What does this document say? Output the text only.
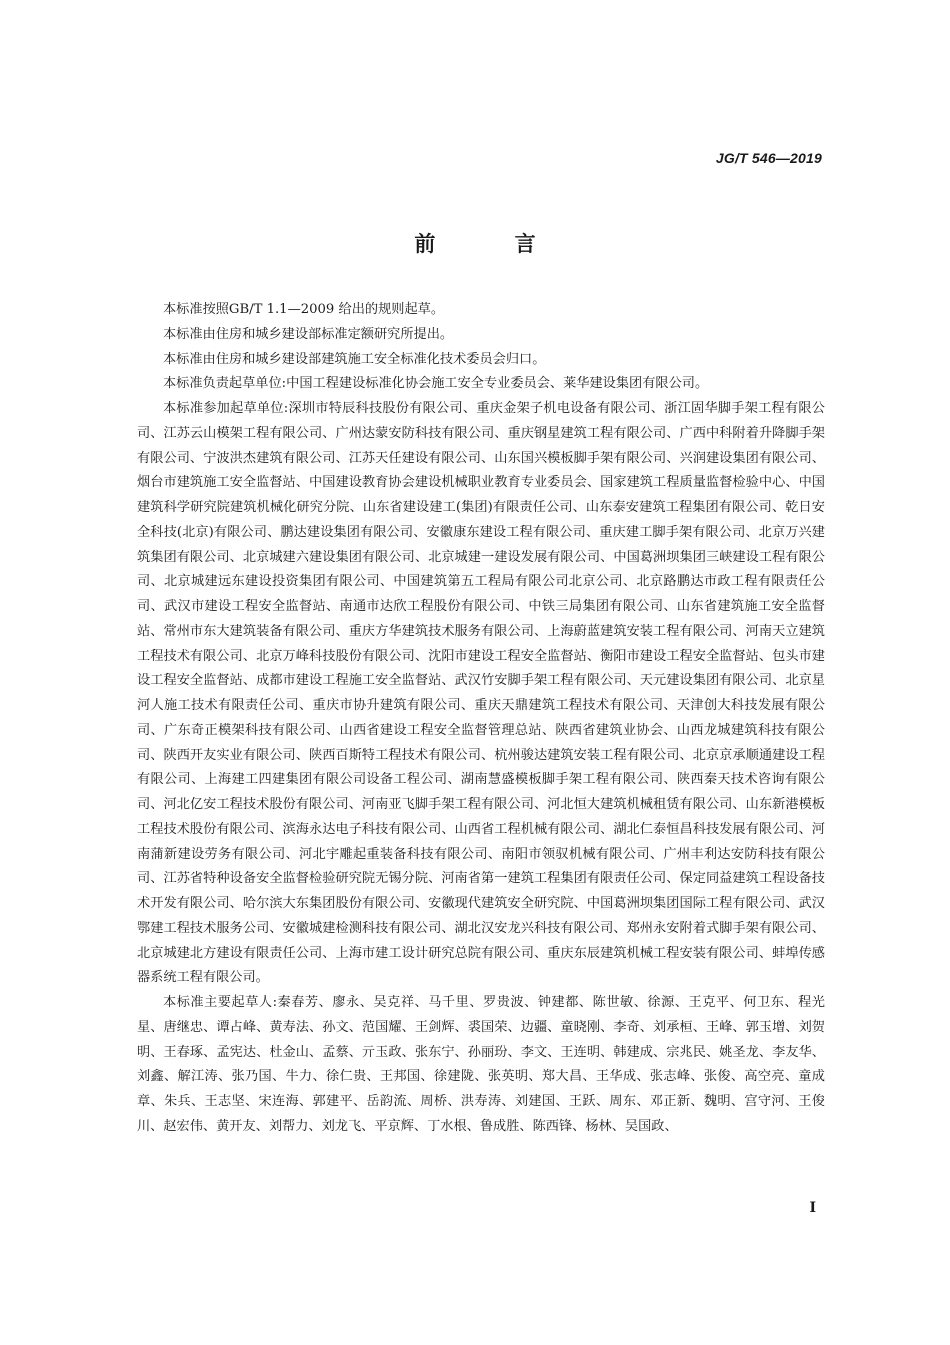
JG/T 546—2019
前 言

本标准按照GB/T 1.1—2009 给出的规则起草。

本标准由住房和城乡建设部标准定额研究所提出。

本标准由住房和城乡建设部建筑施工安全标准化技术委员会归口。

本标准负责起草单位:中国工程建设标准化协会施工安全专业委员会、莱华建设集团有限公司。

本标准参加起草单位:深圳市特辰科技股份有限公司、重庆金架子机电设备有限公司、浙江固华脚手架工程有限公司、江苏云山模架工程有限公司、广州达蒙安防科技有限公司、重庆钢星建筑工程有限公司、广西中科附着升降脚手架有限公司、宁波洪杰建筑有限公司、江苏天任建设有限公司、山东国兴模板脚手架有限公司、兴润建设集团有限公司、烟台市建筑施工安全监督站、中国建设教育协会建设机械职业教育专业委员会、国家建筑工程质量监督检验中心、中国建筑科学研究院建筑机械化研究分院、山东省建设建工(集团)有限责任公司、山东泰安建筑工程集团有限公司、乾日安全科技(北京)有限公司、鹏达建设集团有限公司、安徽康东建设工程有限公司、重庆建工脚手架有限公司、北京万兴建筑集团有限公司、北京城建六建设集团有限公司、北京城建一建设发展有限公司、中国葛洲坝集团三峡建设工程有限公司、北京城建远东建设投资集团有限公司、中国建筑第五工程局有限公司北京公司、北京路鹏达市政工程有限责任公司、武汉市建设工程安全监督站、南通市达欣工程股份有限公司、中铁三局集团有限公司、山东省建筑施工安全监督站、常州市东大建筑装备有限公司、重庆方华建筑技术服务有限公司、上海蔚蓝建筑安装工程有限公司、河南天立建筑工程技术有限公司、北京万峰科技股份有限公司、沈阳市建设工程安全监督站、衡阳市建设工程安全监督站、包头市建设工程安全监督站、成都市建设工程施工安全监督站、武汉竹安脚手架工程有限公司、天元建设集团有限公司、北京星河人施工技术有限责任公司、重庆市协升建筑有限公司、重庆天鼎建筑工程技术有限公司、天津创大科技发展有限公司、广东奇正模架科技有限公司、山西省建设工程安全监督管理总站、陕西省建筑业协会、山西龙城建筑科技有限公司、陕西开友实业有限公司、陕西百斯特工程技术有限公司、杭州骏达建筑安装工程有限公司、北京京承顺通建设工程有限公司、上海建工四建集团有限公司设备工程公司、湖南慧盛模板脚手架工程有限公司、陕西秦天技术咨询有限公司、河北亿安工程技术股份有限公司、河南亚飞脚手架工程有限公司、河北恒大建筑机械租赁有限公司、山东新港模板工程技术股份有限公司、滨海永达电子科技有限公司、山西省工程机械有限公司、湖北仁泰恒昌科技发展有限公司、河南蒲新建设劳务有限公司、河北宇雕起重装备科技有限公司、南阳市领驭机械有限公司、广州丰利达安防科技有限公司、江苏省特种设备安全监督检验研究院无锡分院、河南省第一建筑工程集团有限责任公司、保定同益建筑工程设备技术开发有限公司、哈尔滨大东集团股份有限公司、安徽现代建筑安全研究院、中国葛洲坝集团国际工程有限公司、武汉鄂建工程技术服务公司、安徽城建检测科技有限公司、湖北汉安龙兴科技有限公司、郑州永安附着式脚手架有限公司、北京城建北方建设有限责任公司、上海市建工设计研究总院有限公司、重庆东辰建筑机械工程安装有限公司、蚌埠传感器系统工程有限公司。

本标准主要起草人:秦春芳、廖永、吴克祥、马千里、罗贵波、钟建都、陈世敏、徐源、王克平、何卫东、程光星、唐继忠、谭占峰、黄寿法、孙文、范国耀、王剑辉、裘国荣、边疆、童晓刚、李奇、刘承桓、王峰、郭玉增、刘贺明、王春琢、孟宪达、杜金山、孟蔡、亓玉政、张东宁、孙丽玢、李文、王连明、韩建成、宗兆民、姚圣龙、李友华、刘鑫、解江涛、张乃国、牛力、徐仁贵、王邦国、徐建陇、张英明、郑大昌、王华成、张志峰、张俊、高空亮、童成章、朱兵、王志坚、宋连海、郭建平、岳韵流、周桥、洪寿涛、刘建国、王跃、周东、邓正新、魏明、宫守河、王俊川、赵宏伟、黄开友、刘帮力、刘龙飞、平京辉、丁水根、鲁成胜、陈西锋、杨林、吴国政、

I
